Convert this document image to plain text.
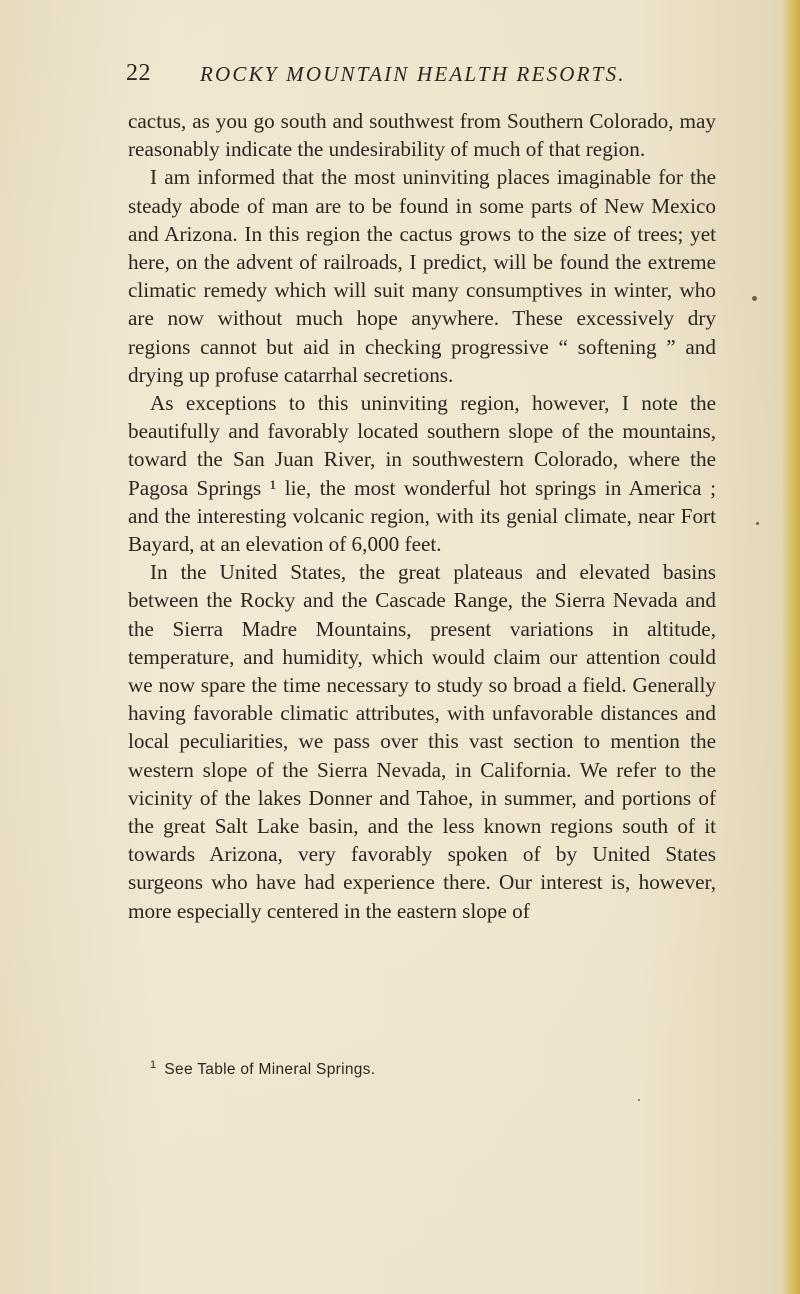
22 ROCKY MOUNTAIN HEALTH RESORTS.

cactus, as you go south and southwest from Southern Colorado, may reasonably indicate the undesirability of much of that region.

I am informed that the most uninviting places imaginable for the steady abode of man are to be found in some parts of New Mexico and Arizona. In this region the cactus grows to the size of trees; yet here, on the advent of railroads, I predict, will be found the extreme climatic remedy which will suit many consumptives in winter, who are now without much hope anywhere. These excessively dry regions cannot but aid in checking progressive “ softening ” and drying up profuse catarrhal secretions.

As exceptions to this uninviting region, however, I note the beautifully and favorably located southern slope of the mountains, toward the San Juan River, in southwestern Colorado, where the Pagosa Springs ¹ lie, the most wonderful hot springs in America ; and the interesting volcanic region, with its genial climate, near Fort Bayard, at an elevation of 6,000 feet.

In the United States, the great plateaus and elevated basins between the Rocky and the Cascade Range, the Sierra Nevada and the Sierra Madre Mountains, present variations in altitude, temperature, and humidity, which would claim our attention could we now spare the time necessary to study so broad a field. Generally having favorable climatic attributes, with unfavorable distances and local peculiarities, we pass over this vast section to mention the western slope of the Sierra Nevada, in California. We refer to the vicinity of the lakes Donner and Tahoe, in summer, and portions of the great Salt Lake basin, and the less known regions south of it towards Arizona, very favorably spoken of by United States surgeons who have had experience there. Our interest is, however, more especially centered in the eastern slope of

$^1$ See Table of Mineral Springs.
